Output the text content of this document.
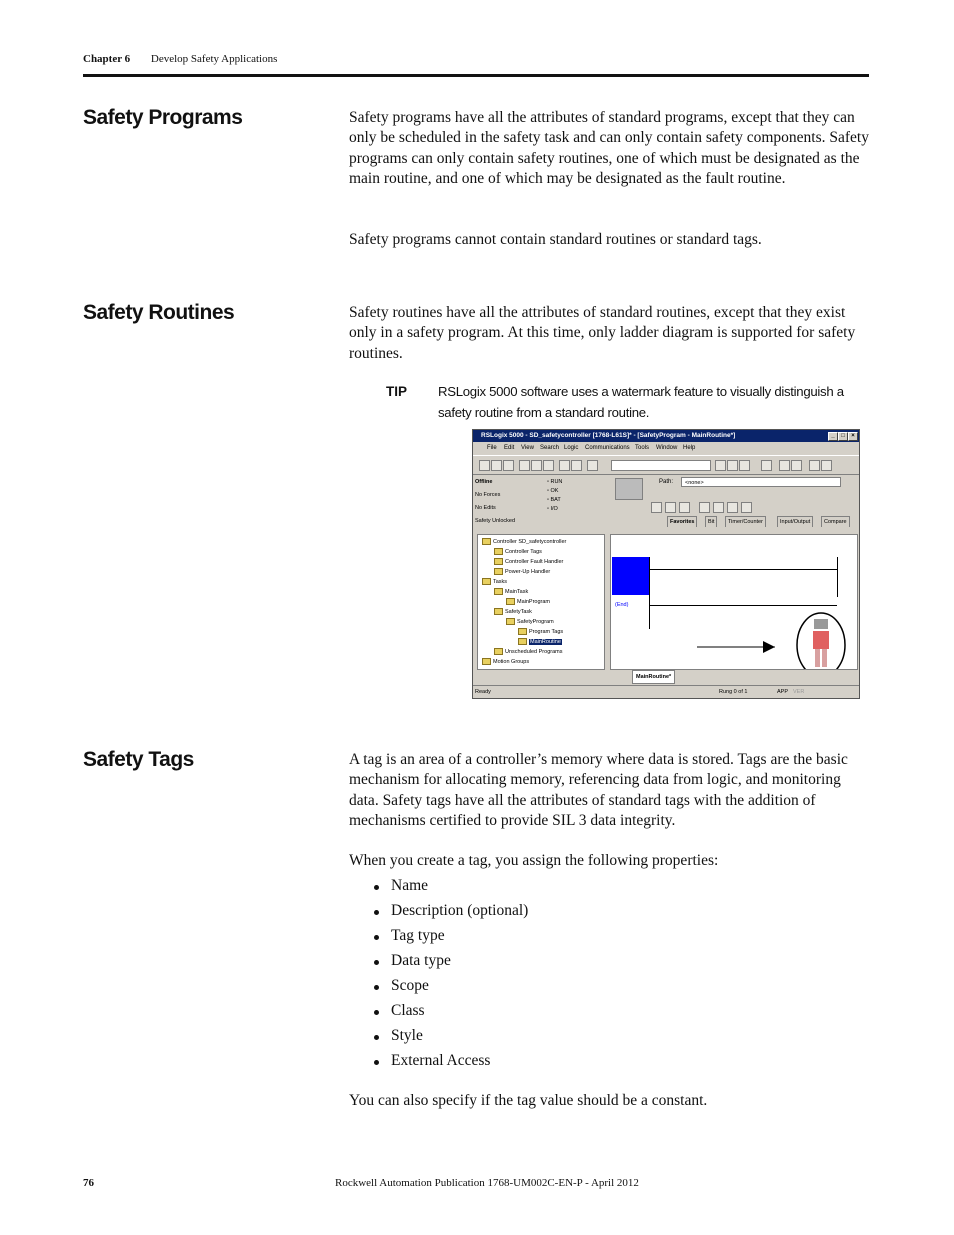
Chapter 6 Develop Safety Applications
Safety Programs	Safety programs have all the attributes of standard programs, except that they can only be scheduled in the safety task and can only contain safety components. Safety programs can only contain safety routines, one of which must be designated as the main routine, and one of which may be designated as the fault routine.

Safety programs cannot contain standard routines or standard tags.

Safety Routines	Safety routines have all the attributes of standard routines, except that they exist only in a safety program. At this time, only ladder diagram is supported for safety routines.

TIP RSLogix 5000 software uses a watermark feature to visually distinguish a safety routine from a standard routine.
RSLogix 5000 - SD_safetycontroller [1768-L61S]* - [SafetyProgram - MainRoutine*]	_	□	×
File Edit View Search Logic Communications Tools Window Help
Offline
No Forces
No Edits
Safety Unlocked
▫ RUN
▫ OK
▫ BAT
▫ I/O
Path:	<none>
Favorites	Bit	Timer/Counter	Input/Output	Compare
Controller SD_safetycontroller
Controller Tags
Controller Fault Handler
Power-Up Handler
Tasks
MainTask
MainProgram
SafetyTask
SafetyProgram
Program Tags
MainRoutine
Unscheduled Programs
Motion Groups
(End)
MainRoutine*
Ready	Rung 0 of 1	APP VER
Safety Tags	A tag is an area of a controller’s memory where data is stored. Tags are the basic mechanism for allocating memory, referencing data from logic, and monitoring data. Safety tags have all the attributes of standard tags with the addition of mechanisms certified to provide SIL 3 data integrity.

When you create a tag, you assign the following properties:

Name
Description (optional)
Tag type
Data type
Scope
Class
Style
External Access

You can also specify if the tag value should be a constant.

76	Rockwell Automation Publication 1768-UM002C-EN-P - April 2012
